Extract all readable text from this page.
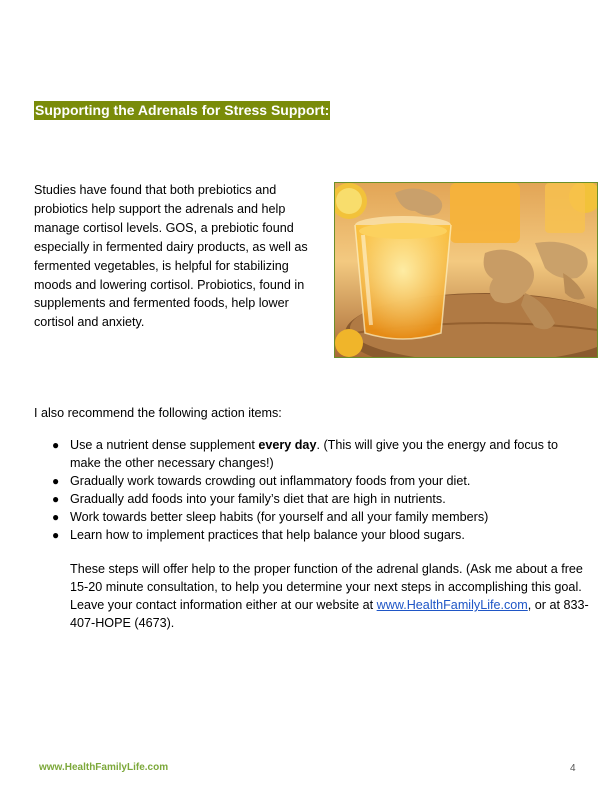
Supporting the Adrenals for Stress Support:

Studies have found that both prebiotics and probiotics help support the adrenals and help manage cortisol levels. GOS, a prebiotic found especially in fermented dairy products, as well as fermented vegetables, is helpful for stabilizing moods and lowering cortisol. Probiotics, found in supplements and fermented foods, help lower cortisol and anxiety.

I also recommend the following action items:

● Use a nutrient dense supplement every day. (This will give you the energy and focus to make the other necessary changes!)
● Gradually work towards crowding out inflammatory foods from your diet.
● Gradually add foods into your family’s diet that are high in nutrients.
● Work towards better sleep habits (for yourself and all your family members)
● Learn how to implement practices that help balance your blood sugars.

These steps will offer help to the proper function of the adrenal glands. (Ask me about a free 15-20 minute consultation, to help you determine your next steps in accomplishing this goal. Leave your contact information either at our website at www.HealthFamilyLife.com, or at 833-407-HOPE (4673).

www.HealthFamilyLife.com	4
